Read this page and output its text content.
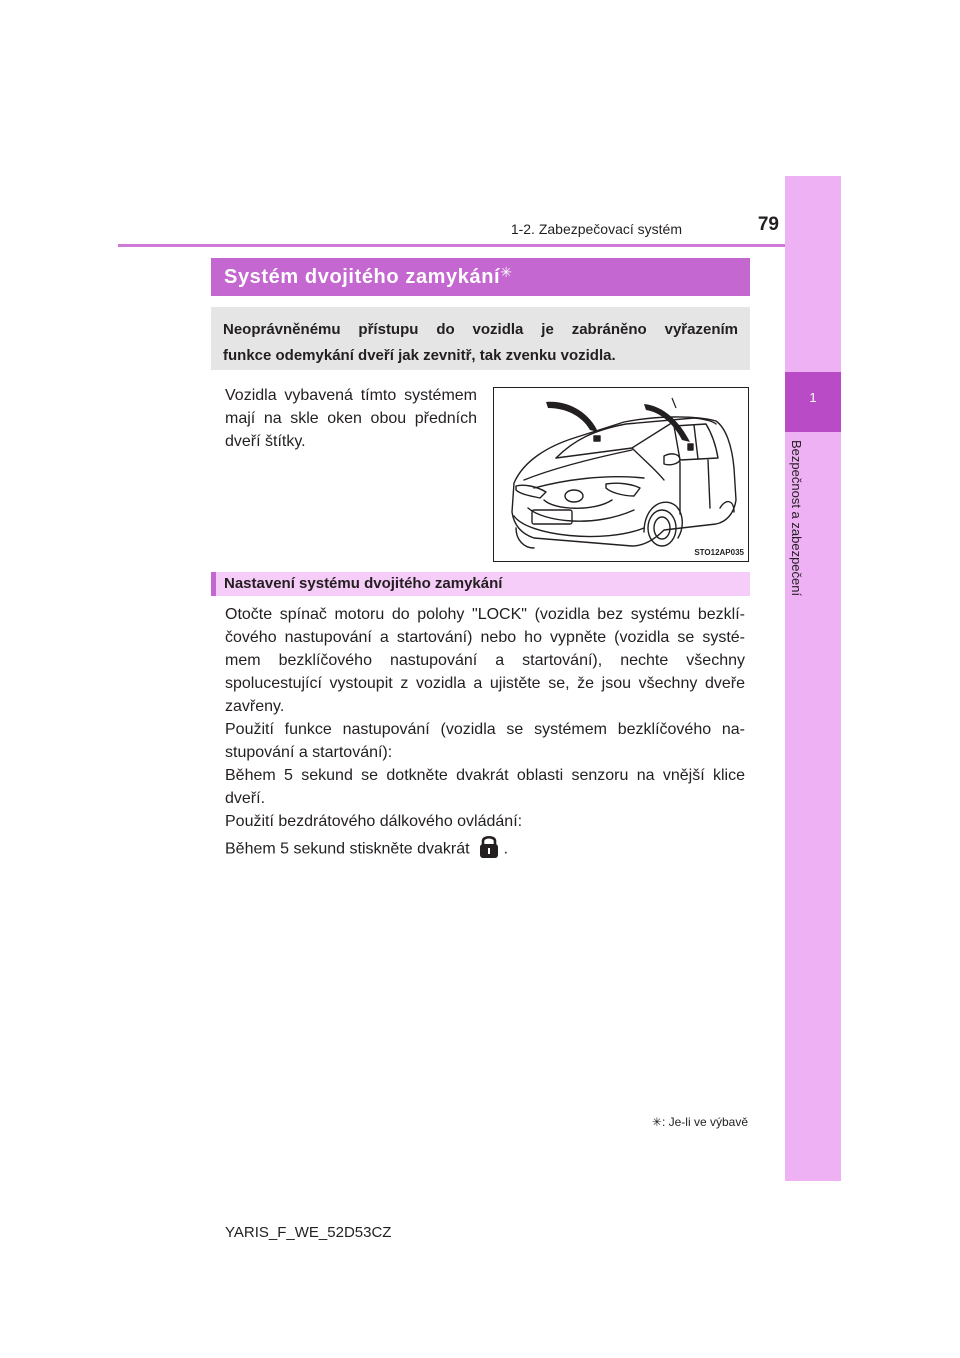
1
Bezpečnost a zabezpečení
1-2. Zabezpečovací systém	79
Systém dvojitého zamykání✳
Neoprávněnému přístupu do vozidla je zabráněno vyřazením
funkce odemykání dveří jak zevnitř, tak zvenku vozidla.
Vozidla vybavená tímto systémem
mají na skle oken obou předních
dveří štítky.
STO12AP035
Nastavení systému dvojitého zamykání
Otočte spínač motoru do polohy "LOCK" (vozidla bez systému bezklí-
čového nastupování a startování) nebo ho vypněte (vozidla se systé-
mem bezklíčového nastupování a startování), nechte všechny
spolucestující vystoupit z vozidla a ujistěte se, že jsou všechny dveře
zavřeny.
Použití funkce nastupování (vozidla se systémem bezklíčového na-
stupování a startování):
Během 5 sekund se dotkněte dvakrát oblasti senzoru na vnější klice
dveří.
Použití bezdrátového dálkového ovládání:
Během 5 sekund stiskněte dvakrát .
✳: Je-li ve výbavě
YARIS_F_WE_52D53CZ
